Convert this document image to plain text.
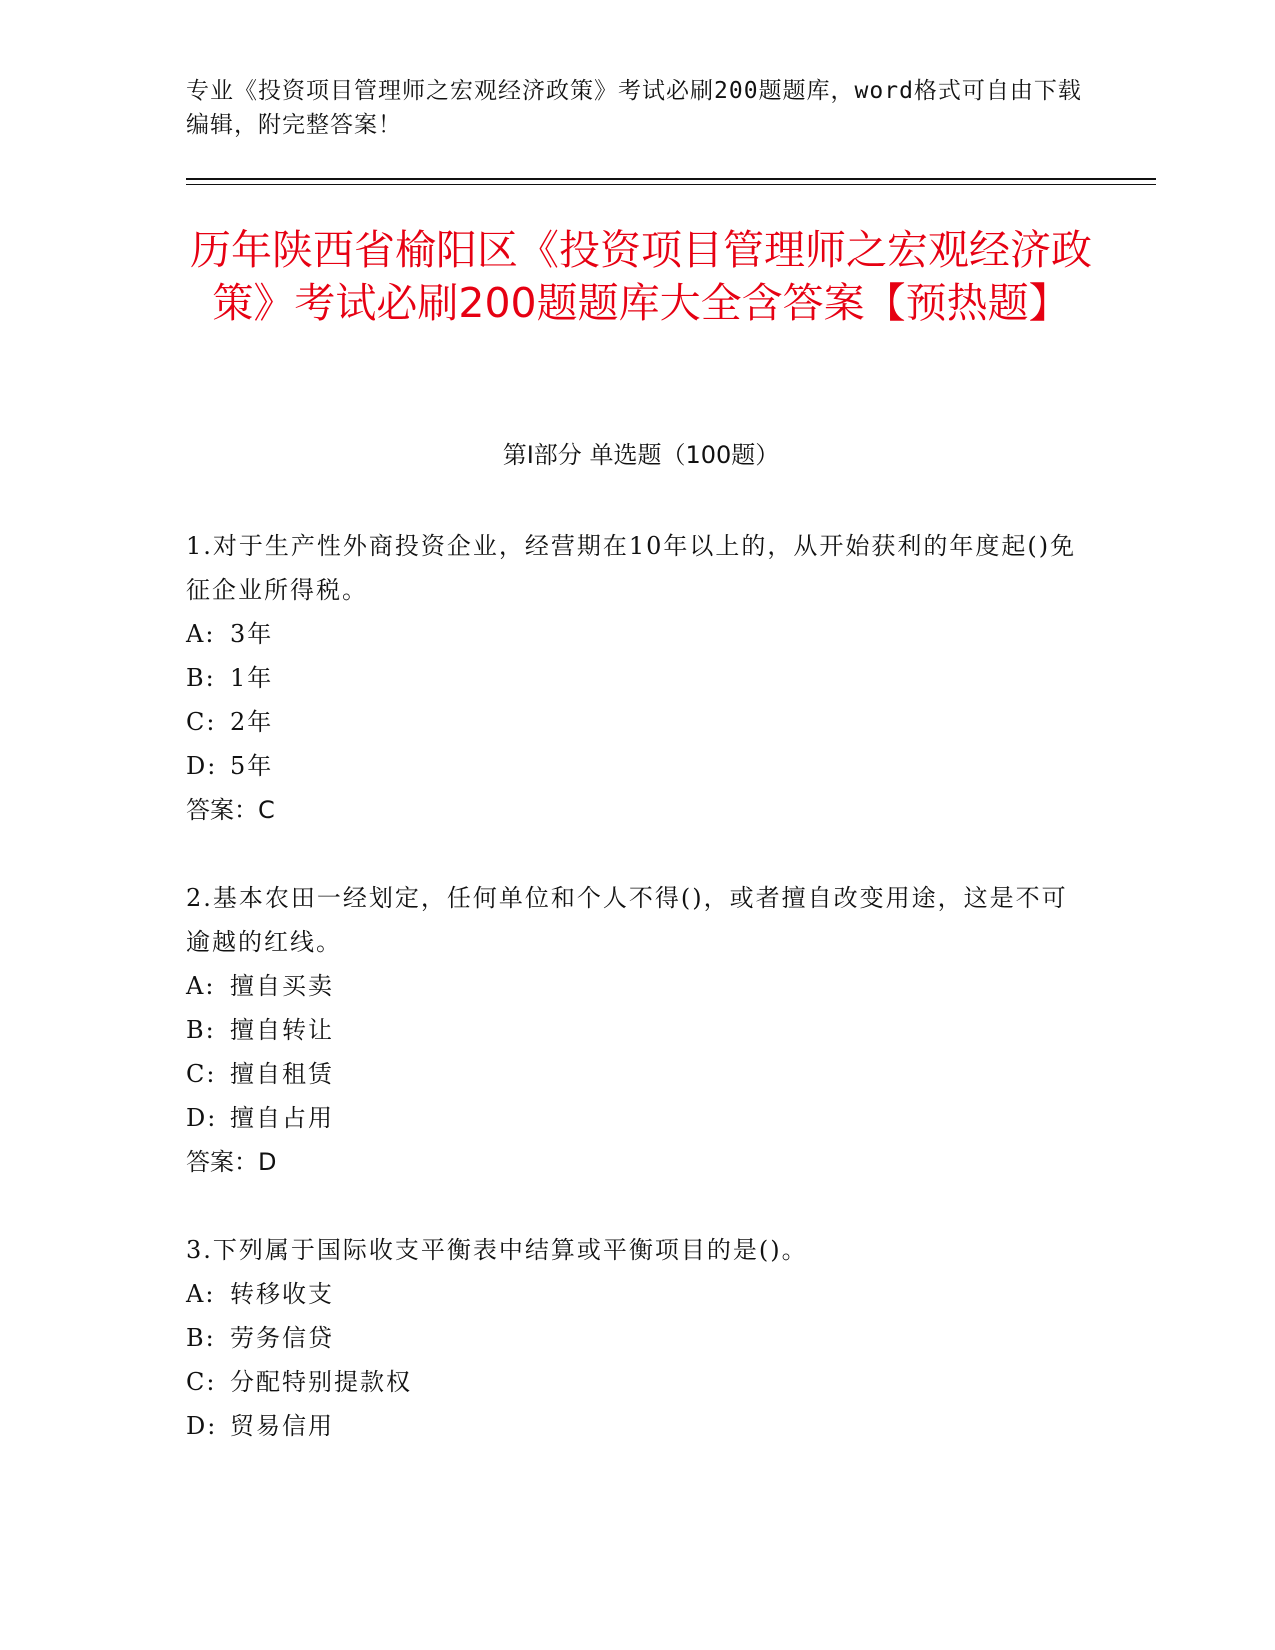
专业《投资项目管理师之宏观经济政策》考试必刷200题题库，word格式可自由下载编辑，附完整答案！
历年陕西省榆阳区《投资项目管理师之宏观经济政策》考试必刷200题题库大全含答案【预热题】
第Ⅰ部分 单选题（100题）
1.对于生产性外商投资企业，经营期在10年以上的，从开始获利的年度起()免征企业所得税。
A: 3年
B: 1年
C: 2年
D: 5年
答案：C
2.基本农田一经划定，任何单位和个人不得()，或者擅自改变用途，这是不可逾越的红线。
A: 擅自买卖
B: 擅自转让
C: 擅自租赁
D: 擅自占用
答案：D
3.下列属于国际收支平衡表中结算或平衡项目的是()。
A: 转移收支
B: 劳务信贷
C: 分配特别提款权
D: 贸易信用
